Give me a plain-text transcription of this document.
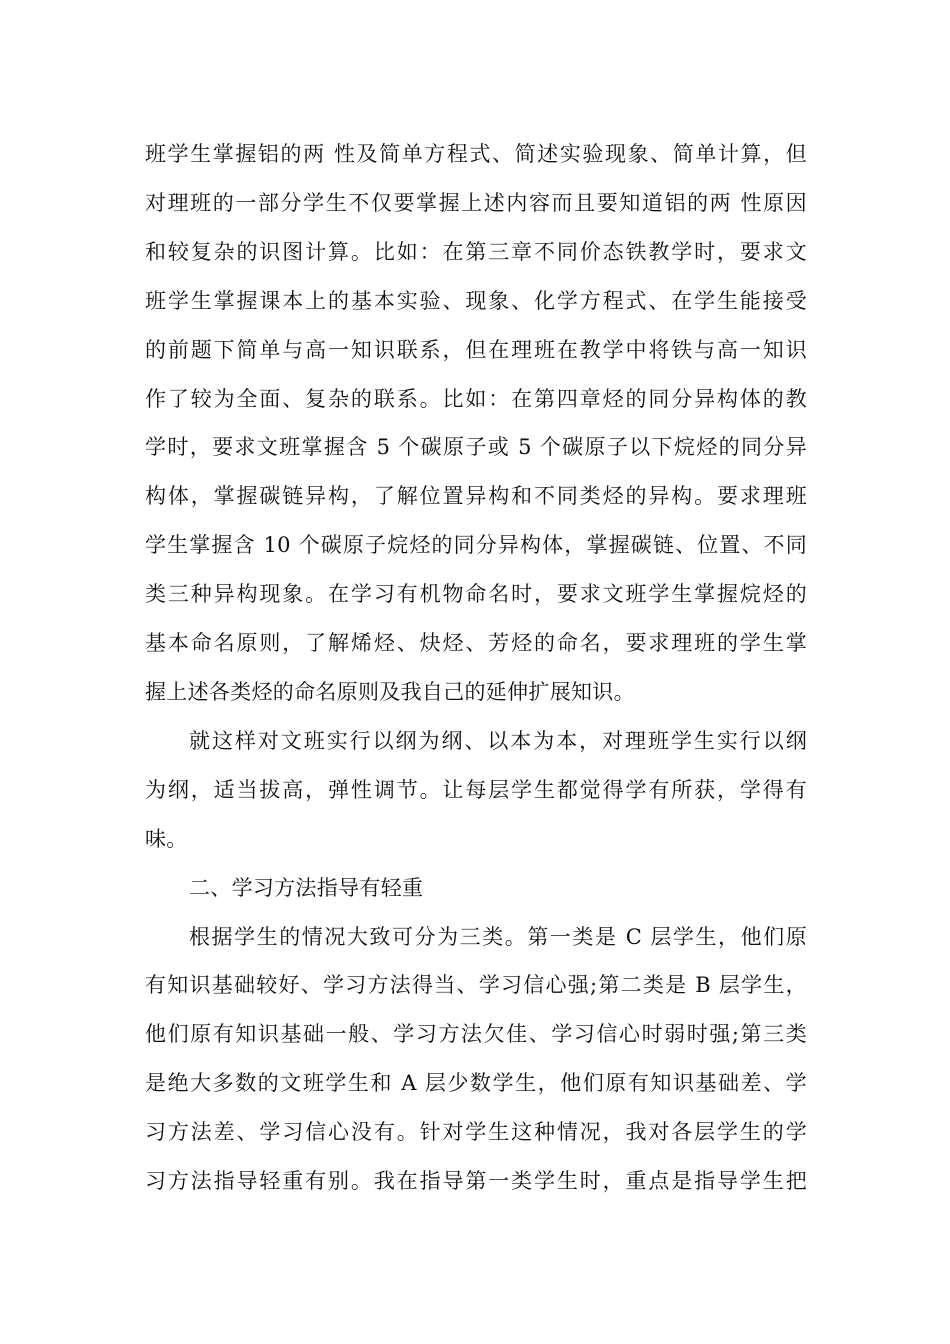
班学生掌握铝的两 性及简单方程式、简述实验现象、简单计算，但
对理班的一部分学生不仅要掌握上述内容而且要知道铝的两 性原因
和较复杂的识图计算。比如：在第三章不同价态铁教学时，要求文
班学生掌握课本上的基本实验、现象、化学方程式、在学生能接受
的前题下简单与高一知识联系，但在理班在教学中将铁与高一知识
作了较为全面、复杂的联系。比如：在第四章烃的同分异构体的教
学时，要求文班掌握含 5 个碳原子或 5 个碳原子以下烷烃的同分异
构体，掌握碳链异构，了解位置异构和不同类烃的异构。要求理班
学生掌握含 10 个碳原子烷烃的同分异构体，掌握碳链、位置、不同
类三种异构现象。在学习有机物命名时，要求文班学生掌握烷烃的
基本命名原则，了解烯烃、炔烃、芳烃的命名，要求理班的学生掌
握上述各类烃的命名原则及我自己的延伸扩展知识。
就这样对文班实行以纲为纲、以本为本，对理班学生实行以纲
为纲，适当拔高，弹性调节。让每层学生都觉得学有所获，学得有
味。
二、学习方法指导有轻重
根据学生的情况大致可分为三类。第一类是 C 层学生，他们原
有知识基础较好、学习方法得当、学习信心强;第二类是 B 层学生，
他们原有知识基础一般、学习方法欠佳、学习信心时弱时强;第三类
是绝大多数的文班学生和 A 层少数学生，他们原有知识基础差、学
习方法差、学习信心没有。针对学生这种情况，我对各层学生的学
习方法指导轻重有别。我在指导第一类学生时，重点是指导学生把
